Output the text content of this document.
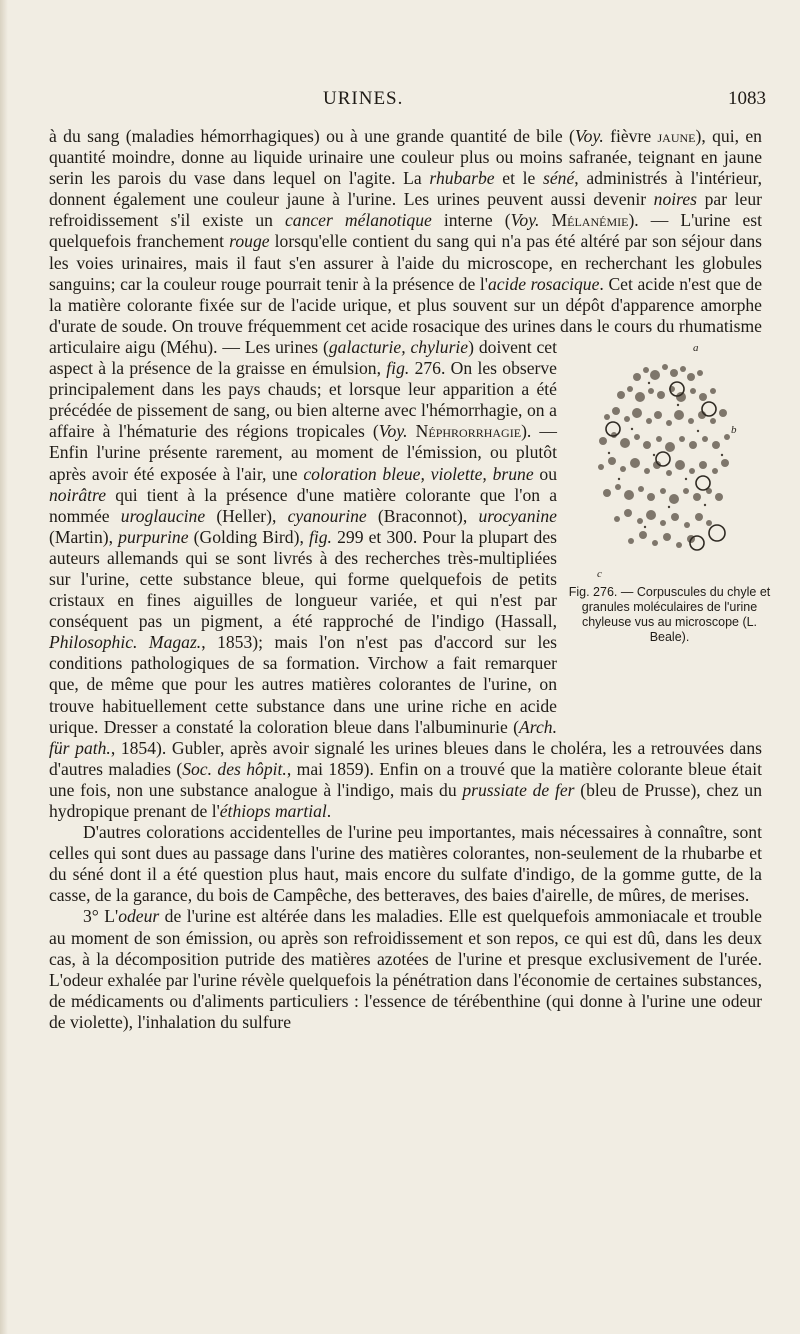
URINES.	1083

à du sang (maladies hémorrhagiques) ou à une grande quantité de bile (Voy. fièvre jaune), qui, en quantité moindre, donne au liquide urinaire une couleur plus ou moins safranée, teignant en jaune serin les parois du vase dans lequel on l'agite. La rhubarbe et le séné, administrés à l'intérieur, donnent également une couleur jaune à l'urine. Les urines peuvent aussi devenir noires par leur refroidissement s'il existe un cancer mélanotique interne (Voy. Mélanémie). — L'urine est quelquefois franchement rouge lorsqu'elle contient du sang qui n'a pas été altéré par son séjour dans les voies urinaires, mais il faut s'en assurer à l'aide du microscope, en recherchant les globules sanguins; car la couleur rouge pourrait tenir à la présence de l'acide rosacique. Cet acide n'est que de la matière colorante fixée sur de l'acide urique, et plus souvent sur un dépôt d'apparence amorphe d'urate de soude. On trouve fréquemment cet acide rosacique des urines dans le cours du rhumatisme articulaire aigu (Méhu). — Les urines	a
b
c
Fig. 276. — Corpuscules du chyle et granules moléculaires de l'urine chyleuse vus au microscope (L. Beale).
(galacturie, chylurie) doivent cet aspect à la présence de la graisse en émulsion, fig. 276. On les observe principalement dans les pays chauds; et lorsque leur apparition a été précédée de pissement de sang, ou bien alterne avec l'hémorrhagie, on a affaire à l'hématurie des régions tropicales (Voy. Néphrorrhagie). — Enfin l'urine présente rarement, au moment de l'émission, ou plutôt après avoir été exposée à l'air, une coloration bleue, violette, brune ou noirâtre qui tient à la présence d'une matière colorante que l'on a nommée uroglaucine (Heller), cyanourine (Braconnot), urocyanine (Martin), purpurine (Golding Bird), fig. 299 et 300. Pour la plupart des auteurs allemands qui se sont livrés à des recherches très-multipliées sur l'urine, cette substance bleue, qui forme quelquefois de petits cristaux en fines aiguilles de longueur variée, et qui n'est par conséquent pas un pigment, a été rapproché de l'indigo (Hassall, Philosophic. Magaz., 1853); mais l'on n'est pas d'accord sur les conditions pathologiques de sa formation. Virchow a fait remarquer que, de même que pour les autres matières colorantes de l'urine, on trouve habituellement cette substance dans une urine riche en acide urique. Dresser a constaté la coloration bleue dans l'albuminurie (Arch. für path., 1854). Gubler, après avoir signalé les urines bleues dans le choléra, les a retrouvées dans d'autres maladies (Soc. des hôpit., mai 1859). Enfin on a trouvé que la matière colorante bleue était une fois, non une substance analogue à l'indigo, mais du prussiate de fer (bleu de Prusse), chez un hydropique prenant de l'éthiops martial.

D'autres colorations accidentelles de l'urine peu importantes, mais nécessaires à connaître, sont celles qui sont dues au passage dans l'urine des matières colorantes, non-seulement de la rhubarbe et du séné dont il a été question plus haut, mais encore du sulfate d'indigo, de la gomme gutte, de la casse, de la garance, du bois de Campêche, des betteraves, des baies d'airelle, de mûres, de merises.

3° L'odeur de l'urine est altérée dans les maladies. Elle est quelquefois ammoniacale et trouble au moment de son émission, ou après son refroidissement et son repos, ce qui est dû, dans les deux cas, à la décomposition putride des matières azotées de l'urine et presque exclusivement de l'urée. L'odeur exhalée par l'urine révèle quelquefois la pénétration dans l'économie de certaines substances, de médicaments ou d'aliments particuliers : l'essence de térébenthine (qui donne à l'urine une odeur de violette), l'inhalation du sulfure
